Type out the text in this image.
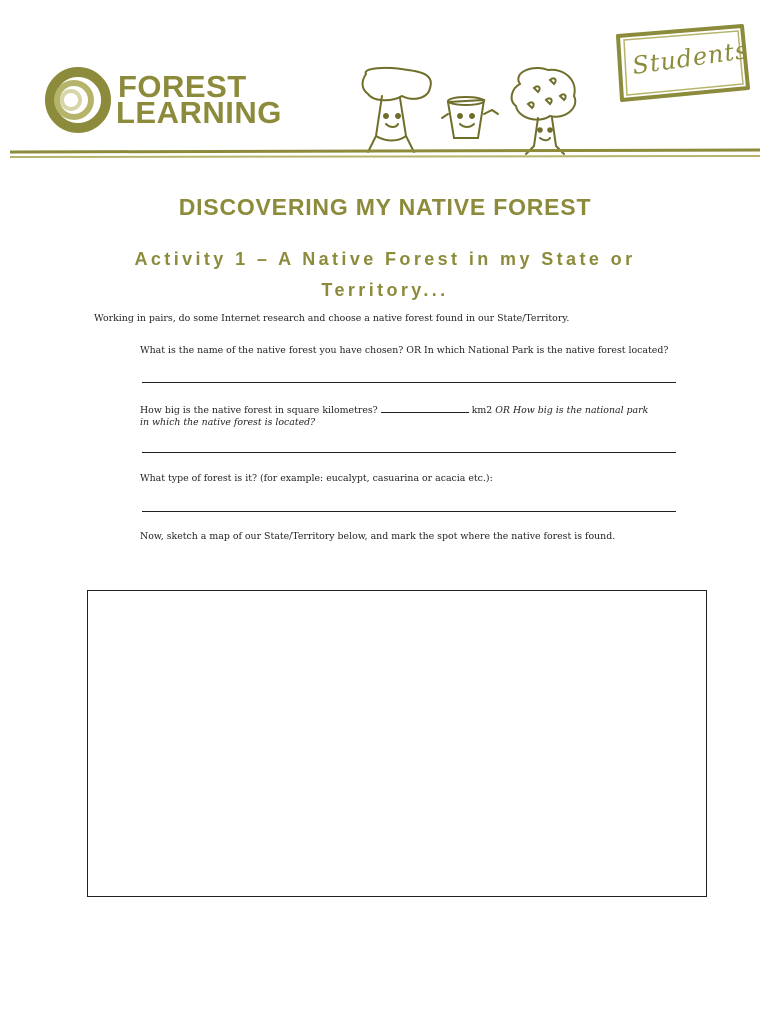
FOREST
LEARNING
Students
DISCOVERING MY NATIVE FOREST
Activity 1 – A Native Forest in my State or Territory...
Working in pairs, do some Internet research and choose a native forest found in our State/Territory.
What is the name of the native forest you have chosen? OR In which National Park is the native forest located?
How big is the native forest in square kilometres?	km2 OR How big is the national park in which the native forest is located?
What type of forest is it? (for example: eucalypt, casuarina or acacia etc.):
Now, sketch a map of our State/Territory below, and mark the spot where the native forest is found.
